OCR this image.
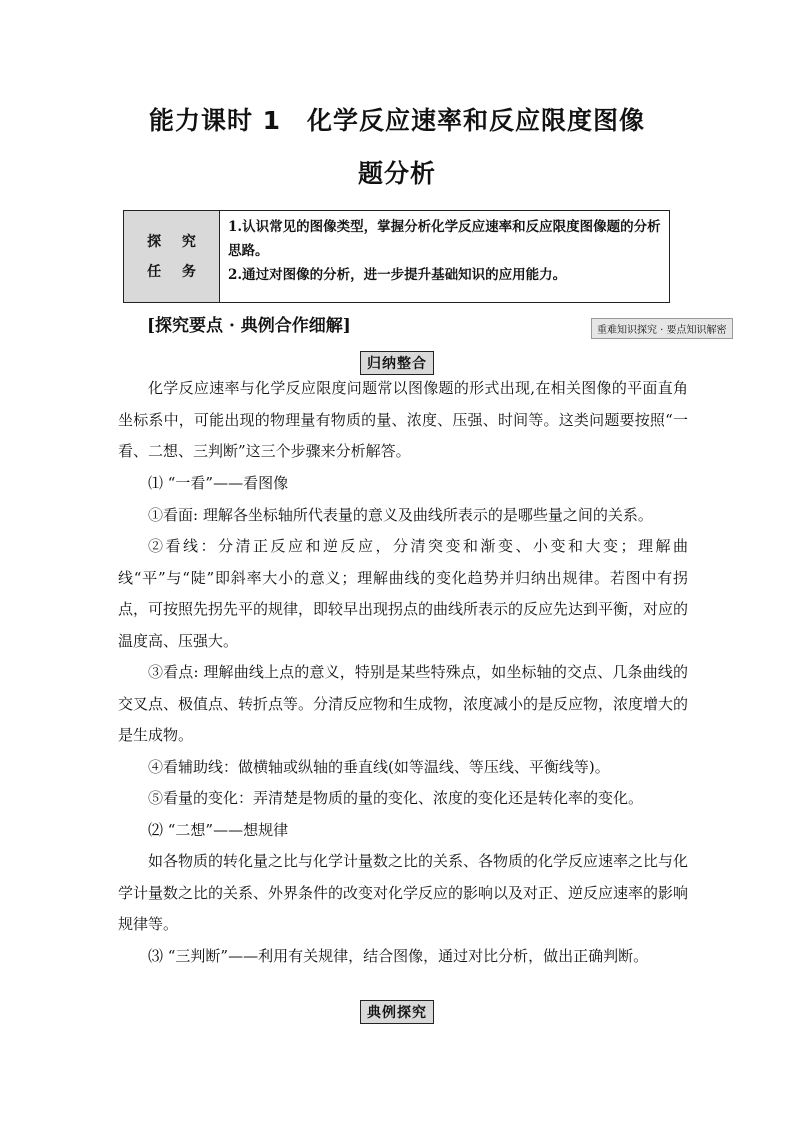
能力课时 1　化学反应速率和反应限度图像
题分析
探 究
任 务

1.认识常见的图像类型，掌握分析化学反应速率和反应限度图像题的分析思路。

2.通过对图像的分析，进一步提升基础知识的应用能力。

[探究要点 · 典例合作细解]	重难知识探究 · 要点知识解密
归纳整合

化学反应速率与化学反应限度问题常以图像题的形式出现,在相关图像的平面直角坐标系中，可能出现的物理量有物质的量、浓度、压强、时间等。这类问题要按照“一看、二想、三判断”这三个步骤来分析解答。

⑴ “一看”——看图像

①看面: 理解各坐标轴所代表量的意义及曲线所表示的是哪些量之间的关系。

②看线：分清正反应和逆反应，分清突变和渐变、小变和大变；理解曲线“平”与“陡”即斜率大小的意义；理解曲线的变化趋势并归纳出规律。若图中有拐点，可按照先拐先平的规律，即较早出现拐点的曲线所表示的反应先达到平衡，对应的温度高、压强大。

③看点: 理解曲线上点的意义，特别是某些特殊点，如坐标轴的交点、几条曲线的交叉点、极值点、转折点等。分清反应物和生成物，浓度减小的是反应物，浓度增大的是生成物。

④看辅助线：做横轴或纵轴的垂直线(如等温线、等压线、平衡线等)。

⑤看量的变化：弄清楚是物质的量的变化、浓度的变化还是转化率的变化。

⑵ “二想”——想规律

如各物质的转化量之比与化学计量数之比的关系、各物质的化学反应速率之比与化学计量数之比的关系、外界条件的改变对化学反应的影响以及对正、逆反应速率的影响规律等。

⑶ “三判断”——利用有关规律，结合图像，通过对比分析，做出正确判断。

典例探究
